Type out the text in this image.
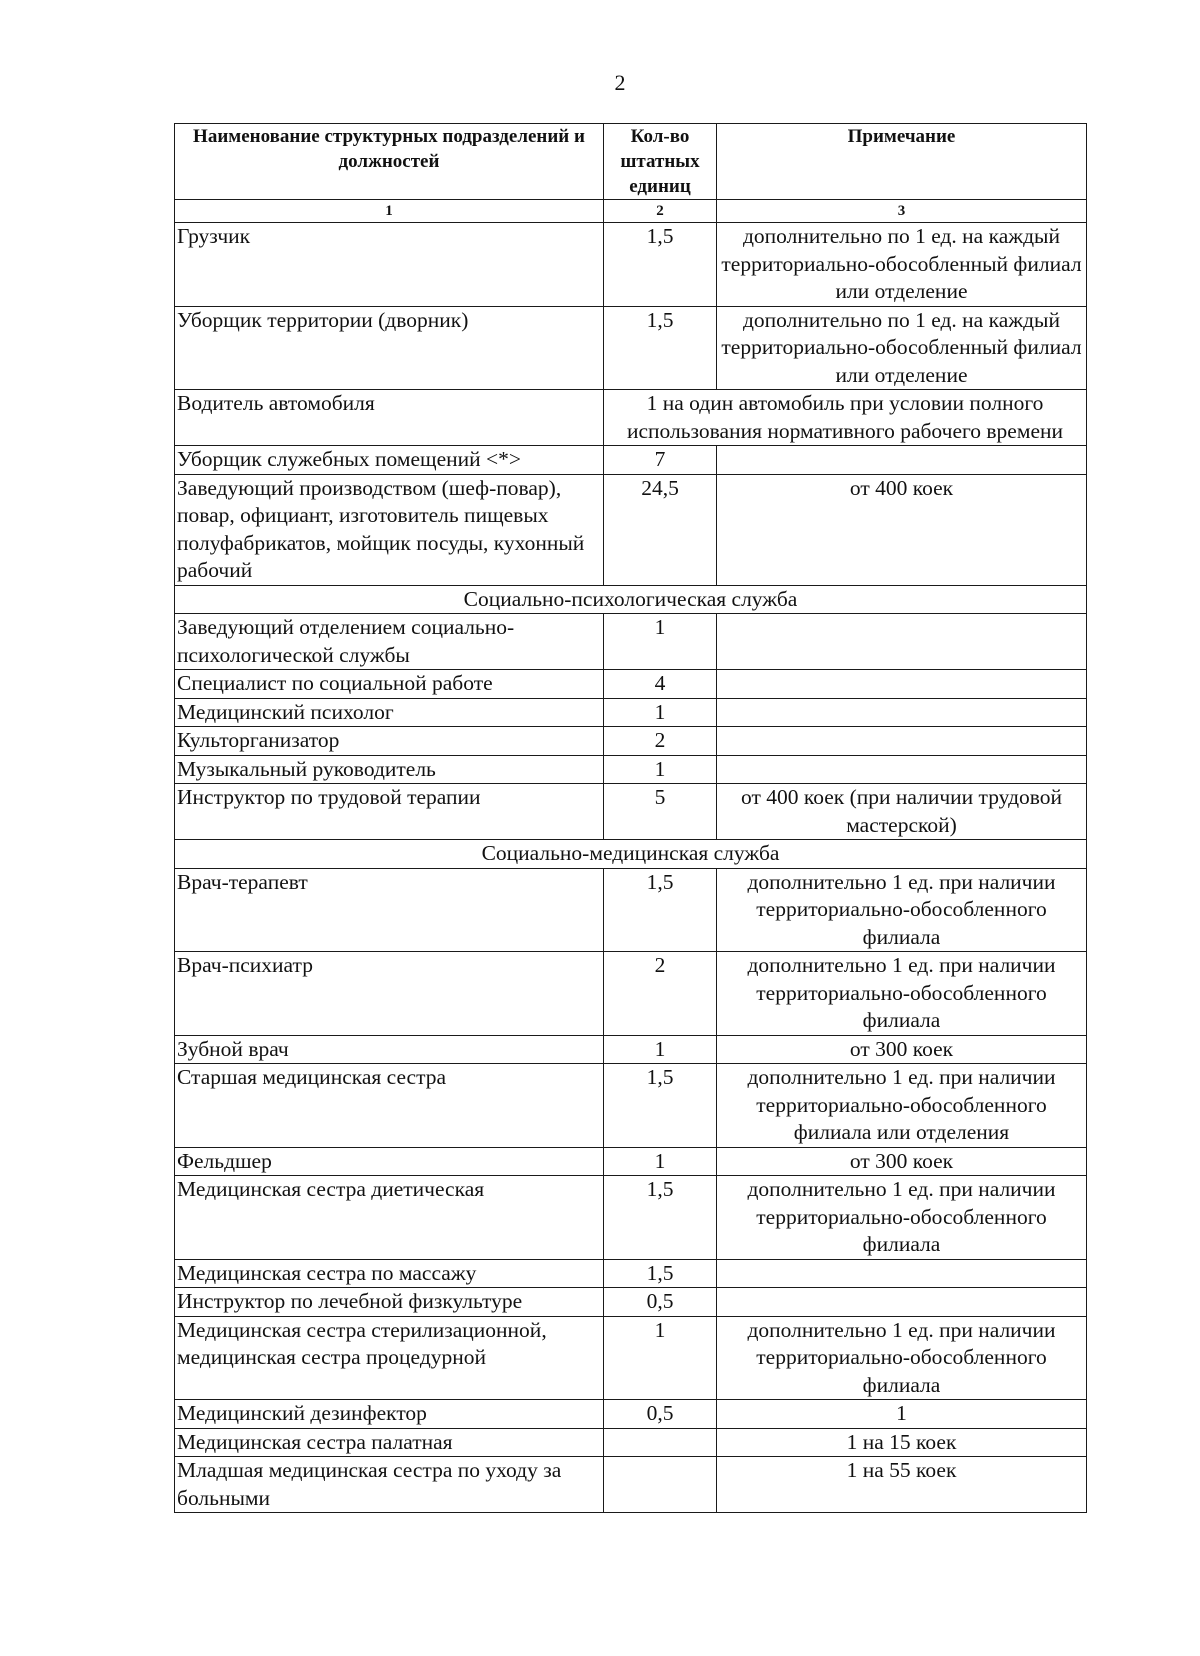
2
Наименование структурных подразделений и должностей	Кол-во штатных единиц	Примечание
1	2	3
Грузчик	1,5	дополнительно по 1 ед. на каждый территориально-обособленный филиал или отделение
Уборщик территории (дворник)	1,5	дополнительно по 1 ед. на каждый территориально-обособленный филиал или отделение
Водитель автомобиля	1 на один автомобиль при условии полного использования нормативного рабочего времени	
Уборщик служебных помещений <*>	7	
Заведующий производством (шеф-повар), повар, официант, изготовитель пищевых полуфабрикатов, мойщик посуды, кухонный рабочий	24,5	от 400 коек
Социально-психологическая служба		
Заведующий отделением социально-психологической службы	1	
Специалист по социальной работе	4	
Медицинский психолог	1	
Культорганизатор	2	
Музыкальный руководитель	1	
Инструктор по трудовой терапии	5	от 400 коек (при наличии трудовой мастерской)
Социально-медицинская служба		
Врач-терапевт	1,5	дополнительно 1 ед. при наличии территориально-обособленного филиала
Врач-психиатр	2	дополнительно 1 ед. при наличии территориально-обособленного филиала
Зубной врач	1	от 300 коек
Старшая медицинская сестра	1,5	дополнительно 1 ед. при наличии территориально-обособленного филиала или отделения
Фельдшер	1	от 300 коек
Медицинская сестра диетическая	1,5	дополнительно 1 ед. при наличии территориально-обособленного филиала
Медицинская сестра по массажу	1,5	
Инструктор по лечебной физкультуре	0,5	
Медицинская сестра стерилизационной, медицинская сестра процедурной	1	дополнительно 1 ед. при наличии территориально-обособленного филиала
Медицинский дезинфектор	0,5	1
Медицинская сестра палатная		1 на 15 коек
Младшая медицинская сестра по уходу за больными		1 на 55 коек
